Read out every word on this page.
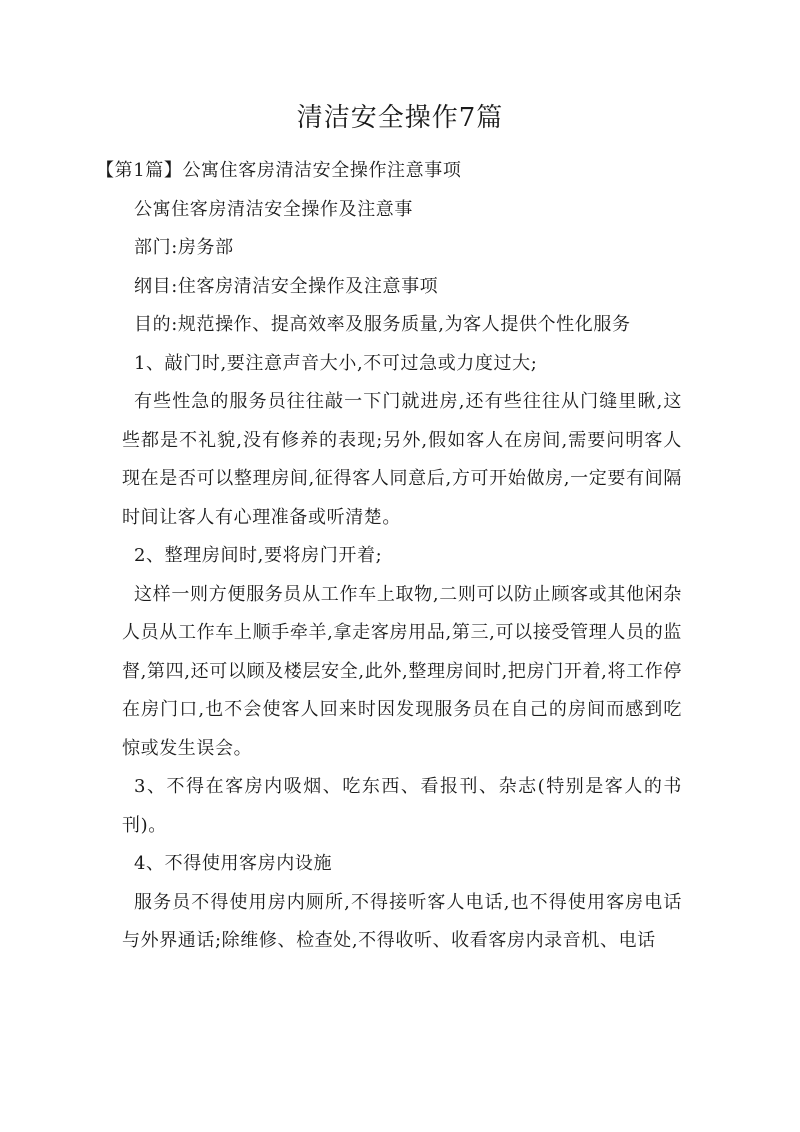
清洁安全操作7篇

【第1篇】公寓住客房清洁安全操作注意事项

公寓住客房清洁安全操作及注意事

部门:房务部

纲目:住客房清洁安全操作及注意事项

目的:规范操作、提高效率及服务质量,为客人提供个性化服务

1、敲门时,要注意声音大小,不可过急或力度过大;

有些性急的服务员往往敲一下门就进房,还有些往往从门缝里瞅,这些都是不礼貌,没有修养的表现;另外,假如客人在房间,需要问明客人现在是否可以整理房间,征得客人同意后,方可开始做房,一定要有间隔时间让客人有心理准备或听清楚。

2、整理房间时,要将房门开着;

这样一则方便服务员从工作车上取物,二则可以防止顾客或其他闲杂人员从工作车上顺手牵羊,拿走客房用品,第三,可以接受管理人员的监督,第四,还可以顾及楼层安全,此外,整理房间时,把房门开着,将工作停在房门口,也不会使客人回来时因发现服务员在自己的房间而感到吃惊或发生误会。

3、不得在客房内吸烟、吃东西、看报刊、杂志(特别是客人的书刊)。

4、不得使用客房内设施

服务员不得使用房内厕所,不得接听客人电话,也不得使用客房电话与外界通话;除维修、检查处,不得收听、收看客房内录音机、电话
